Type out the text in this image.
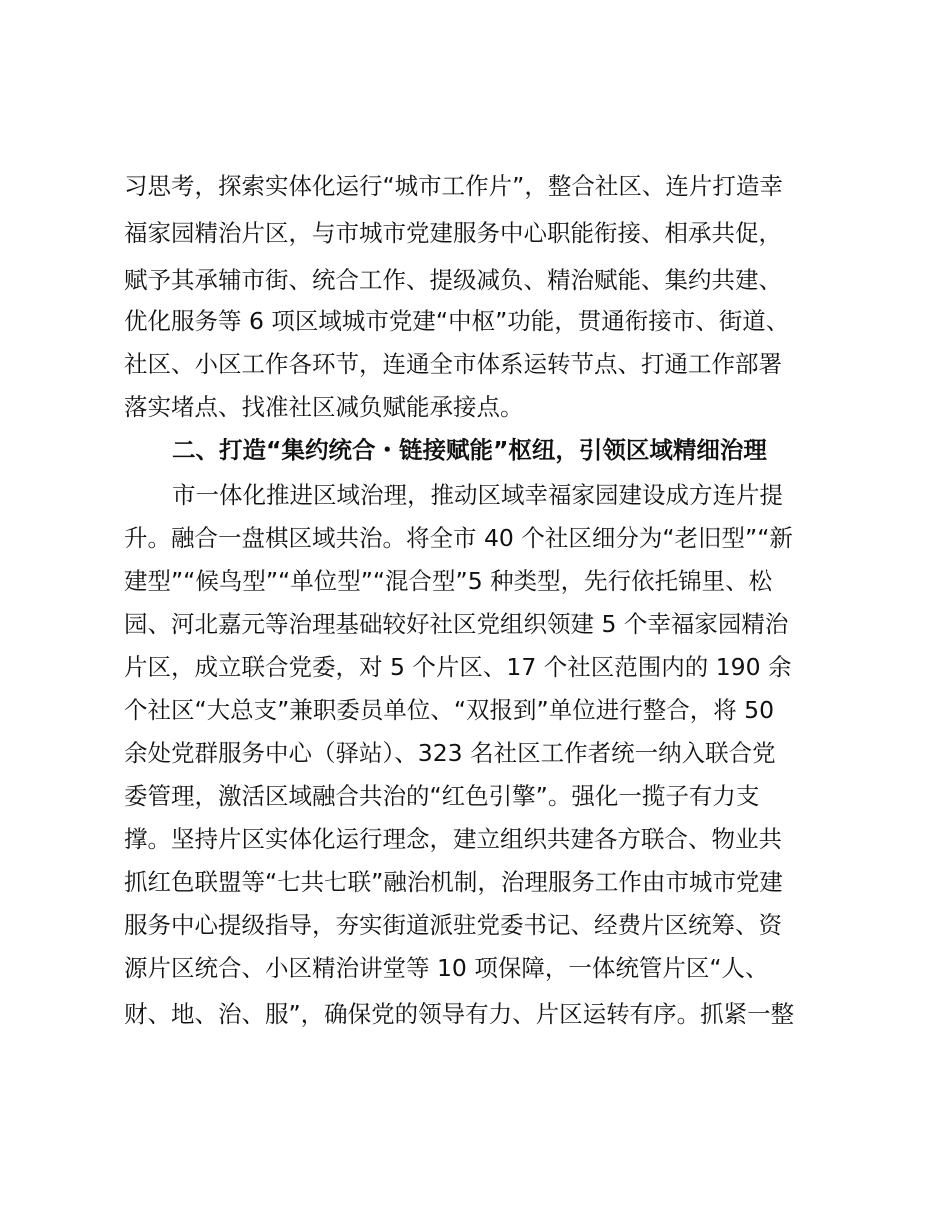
习思考，探索实体化运行“城市工作片”，整合社区、连片打造幸
福家园精治片区，与市城市党建服务中心职能衔接、相承共促，
赋予其承辅市街、统合工作、提级减负、精治赋能、集约共建、
优化服务等 6 项区域城市党建“中枢”功能，贯通衔接市、街道、
社区、小区工作各环节，连通全市体系运转节点、打通工作部署
落实堵点、找准社区减负赋能承接点。
二、打造“集约统合・链接赋能”枢纽，引领区域精细治理
市一体化推进区域治理，推动区域幸福家园建设成方连片提
升。融合一盘棋区域共治。将全市 40 个社区细分为“老旧型”“新
建型”“候鸟型”“单位型”“混合型”5 种类型，先行依托锦里、松
园、河北嘉元等治理基础较好社区党组织领建 5 个幸福家园精治
片区，成立联合党委，对 5 个片区、17 个社区范围内的 190 余
个社区“大总支”兼职委员单位、“双报到”单位进行整合，将 50
余处党群服务中心（驿站）、323 名社区工作者统一纳入联合党
委管理，激活区域融合共治的“红色引擎”。强化一揽子有力支
撑。坚持片区实体化运行理念，建立组织共建各方联合、物业共
抓红色联盟等“七共七联”融治机制，治理服务工作由市城市党建
服务中心提级指导，夯实街道派驻党委书记、经费片区统筹、资
源片区统合、小区精治讲堂等 10 项保障，一体统管片区“人、
财、地、治、服”，确保党的领导有力、片区运转有序。抓紧一整
